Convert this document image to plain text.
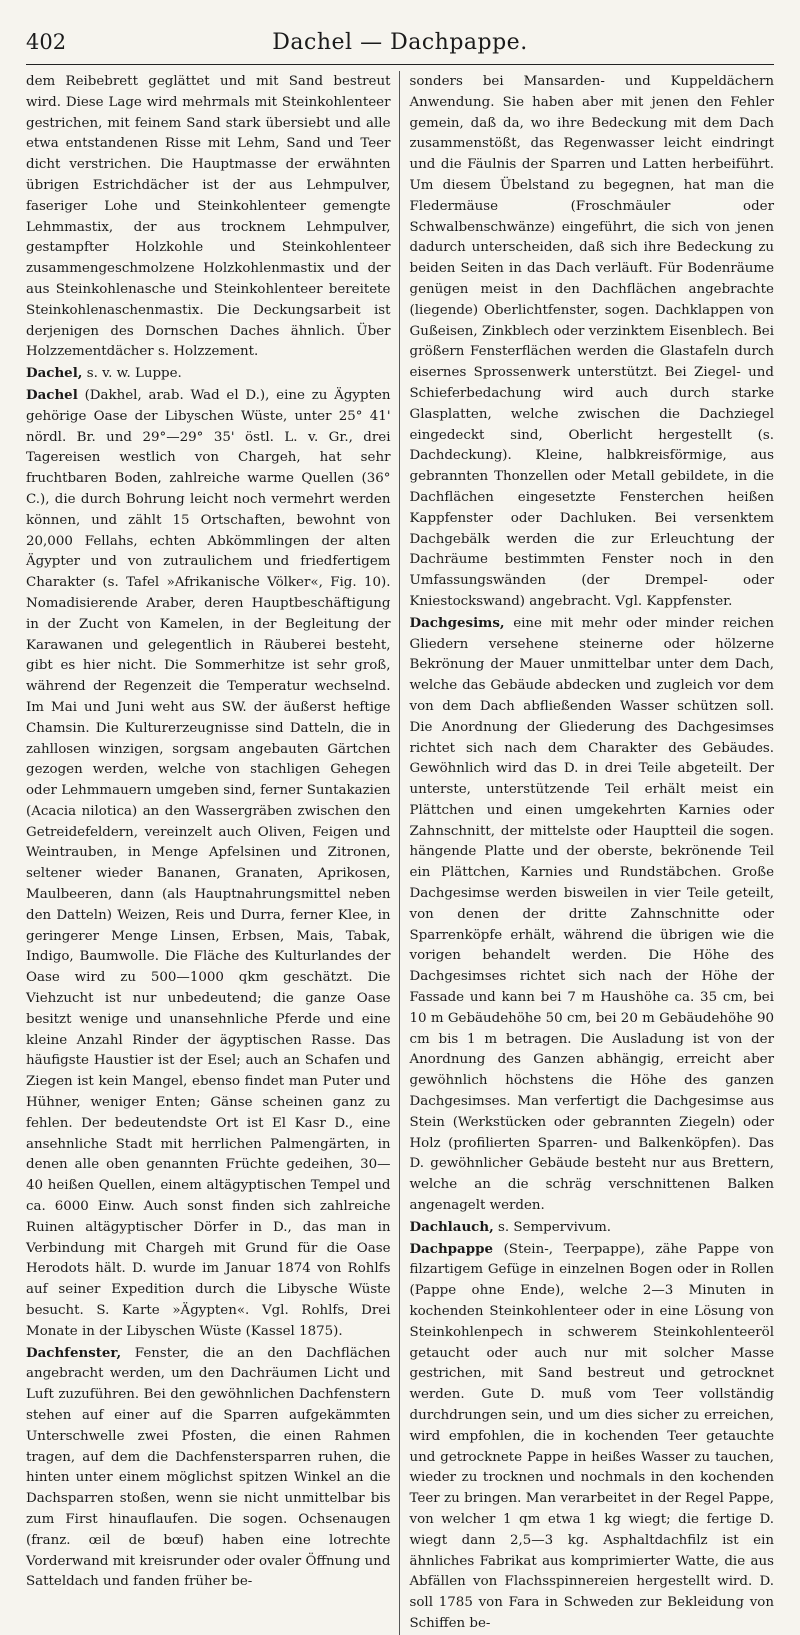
402	Dachel — Dachpappe.

dem Reibebrett geglättet und mit Sand bestreut wird. Diese Lage wird mehrmals mit Steinkohlenteer gestrichen, mit feinem Sand stark übersiebt und alle etwa entstandenen Risse mit Lehm, Sand und Teer dicht verstrichen. Die Hauptmasse der erwähnten übrigen Estrichdächer ist der aus Lehmpulver, faseriger Lohe und Steinkohlenteer gemengte Lehmmastix, der aus trocknem Lehmpulver, gestampfter Holzkohle und Steinkohlenteer zusammengeschmolzene Holzkohlenmastix und der aus Steinkohlenasche und Steinkohlenteer bereitete Steinkohlenaschenmastix. Die Deckungsarbeit ist derjenigen des Dornschen Daches ähnlich. Über Holzzementdächer s. Holzzement.

Dachel, s. v. w. Luppe.

Dachel (Dakhel, arab. Wad el D.), eine zu Ägypten gehörige Oase der Libyschen Wüste, unter 25° 41' nördl. Br. und 29°—29° 35' östl. L. v. Gr., drei Tagereisen westlich von Chargeh, hat sehr fruchtbaren Boden, zahlreiche warme Quellen (36° C.), die durch Bohrung leicht noch vermehrt werden können, und zählt 15 Ortschaften, bewohnt von 20,000 Fellahs, echten Abkömmlingen der alten Ägypter und von zutraulichem und friedfertigem Charakter (s. Tafel »Afrikanische Völker«, Fig. 10). Nomadisierende Araber, deren Hauptbeschäftigung in der Zucht von Kamelen, in der Begleitung der Karawanen und gelegentlich in Räuberei besteht, gibt es hier nicht. Die Sommerhitze ist sehr groß, während der Regenzeit die Temperatur wechselnd. Im Mai und Juni weht aus SW. der äußerst heftige Chamsin. Die Kulturerzeugnisse sind Datteln, die in zahllosen winzigen, sorgsam angebauten Gärtchen gezogen werden, welche von stachligen Gehegen oder Lehmmauern umgeben sind, ferner Suntakazien (Acacia nilotica) an den Wassergräben zwischen den Getreidefeldern, vereinzelt auch Oliven, Feigen und Weintrauben, in Menge Apfelsinen und Zitronen, seltener wieder Bananen, Granaten, Aprikosen, Maulbeeren, dann (als Hauptnahrungsmittel neben den Datteln) Weizen, Reis und Durra, ferner Klee, in geringerer Menge Linsen, Erbsen, Mais, Tabak, Indigo, Baumwolle. Die Fläche des Kulturlandes der Oase wird zu 500—1000 qkm geschätzt. Die Viehzucht ist nur unbedeutend; die ganze Oase besitzt wenige und unansehnliche Pferde und eine kleine Anzahl Rinder der ägyptischen Rasse. Das häufigste Haustier ist der Esel; auch an Schafen und Ziegen ist kein Mangel, ebenso findet man Puter und Hühner, weniger Enten; Gänse scheinen ganz zu fehlen. Der bedeutendste Ort ist El Kasr D., eine ansehnliche Stadt mit herrlichen Palmengärten, in denen alle oben genannten Früchte gedeihen, 30—40 heißen Quellen, einem altägyptischen Tempel und ca. 6000 Einw. Auch sonst finden sich zahlreiche Ruinen altägyptischer Dörfer in D., das man in Verbindung mit Chargeh mit Grund für die Oase Herodots hält. D. wurde im Januar 1874 von Rohlfs auf seiner Expedition durch die Libysche Wüste besucht. S. Karte »Ägypten«. Vgl. Rohlfs, Drei Monate in der Libyschen Wüste (Kassel 1875).

Dachfenster, Fenster, die an den Dachflächen angebracht werden, um den Dachräumen Licht und Luft zuzuführen. Bei den gewöhnlichen Dachfenstern stehen auf einer auf die Sparren aufgekämmten Unterschwelle zwei Pfosten, die einen Rahmen tragen, auf dem die Dachfenstersparren ruhen, die hinten unter einem möglichst spitzen Winkel an die Dachsparren stoßen, wenn sie nicht unmittelbar bis zum First hinauflaufen. Die sogen. Ochsenaugen (franz. œil de bœuf) haben eine lotrechte Vorderwand mit kreisrunder oder ovaler Öffnung und Satteldach und fanden früher be-

sonders bei Mansarden- und Kuppeldächern Anwendung. Sie haben aber mit jenen den Fehler gemein, daß da, wo ihre Bedeckung mit dem Dach zusammenstößt, das Regenwasser leicht eindringt und die Fäulnis der Sparren und Latten herbeiführt. Um diesem Übelstand zu begegnen, hat man die Fledermäuse (Froschmäuler oder Schwalbenschwänze) eingeführt, die sich von jenen dadurch unterscheiden, daß sich ihre Bedeckung zu beiden Seiten in das Dach verläuft. Für Bodenräume genügen meist in den Dachflächen angebrachte (liegende) Oberlichtfenster, sogen. Dachklappen von Gußeisen, Zinkblech oder verzinktem Eisenblech. Bei größern Fensterflächen werden die Glastafeln durch eisernes Sprossenwerk unterstützt. Bei Ziegel- und Schieferbedachung wird auch durch starke Glasplatten, welche zwischen die Dachziegel eingedeckt sind, Oberlicht hergestellt (s. Dachdeckung). Kleine, halbkreisförmige, aus gebrannten Thonzellen oder Metall gebildete, in die Dachflächen eingesetzte Fensterchen heißen Kappfenster oder Dachluken. Bei versenktem Dachgebälk werden die zur Erleuchtung der Dachräume bestimmten Fenster noch in den Umfassungswänden (der Drempel- oder Kniestockswand) angebracht. Vgl. Kappfenster.

Dachgesims, eine mit mehr oder minder reichen Gliedern versehene steinerne oder hölzerne Bekrönung der Mauer unmittelbar unter dem Dach, welche das Gebäude abdecken und zugleich vor dem von dem Dach abfließenden Wasser schützen soll. Die Anordnung der Gliederung des Dachgesimses richtet sich nach dem Charakter des Gebäudes. Gewöhnlich wird das D. in drei Teile abgeteilt. Der unterste, unterstützende Teil erhält meist ein Plättchen und einen umgekehrten Karnies oder Zahnschnitt, der mittelste oder Hauptteil die sogen. hängende Platte und der oberste, bekrönende Teil ein Plättchen, Karnies und Rundstäbchen. Große Dachgesimse werden bisweilen in vier Teile geteilt, von denen der dritte Zahnschnitte oder Sparrenköpfe erhält, während die übrigen wie die vorigen behandelt werden. Die Höhe des Dachgesimses richtet sich nach der Höhe der Fassade und kann bei 7 m Haushöhe ca. 35 cm, bei 10 m Gebäudehöhe 50 cm, bei 20 m Gebäudehöhe 90 cm bis 1 m betragen. Die Ausladung ist von der Anordnung des Ganzen abhängig, erreicht aber gewöhnlich höchstens die Höhe des ganzen Dachgesimses. Man verfertigt die Dachgesimse aus Stein (Werkstücken oder gebrannten Ziegeln) oder Holz (profilierten Sparren- und Balkenköpfen). Das D. gewöhnlicher Gebäude besteht nur aus Brettern, welche an die schräg verschnittenen Balken angenagelt werden.

Dachlauch, s. Sempervivum.

Dachpappe (Stein-, Teerpappe), zähe Pappe von filzartigem Gefüge in einzelnen Bogen oder in Rollen (Pappe ohne Ende), welche 2—3 Minuten in kochenden Steinkohlenteer oder in eine Lösung von Steinkohlenpech in schwerem Steinkohlenteeröl getaucht oder auch nur mit solcher Masse gestrichen, mit Sand bestreut und getrocknet werden. Gute D. muß vom Teer vollständig durchdrungen sein, und um dies sicher zu erreichen, wird empfohlen, die in kochenden Teer getauchte und getrocknete Pappe in heißes Wasser zu tauchen, wieder zu trocknen und nochmals in den kochenden Teer zu bringen. Man verarbeitet in der Regel Pappe, von welcher 1 qm etwa 1 kg wiegt; die fertige D. wiegt dann 2,5—3 kg. Asphaltdachfilz ist ein ähnliches Fabrikat aus komprimierter Watte, die aus Abfällen von Flachsspinnereien hergestellt wird. D. soll 1785 von Fara in Schweden zur Bekleidung von Schiffen be-
